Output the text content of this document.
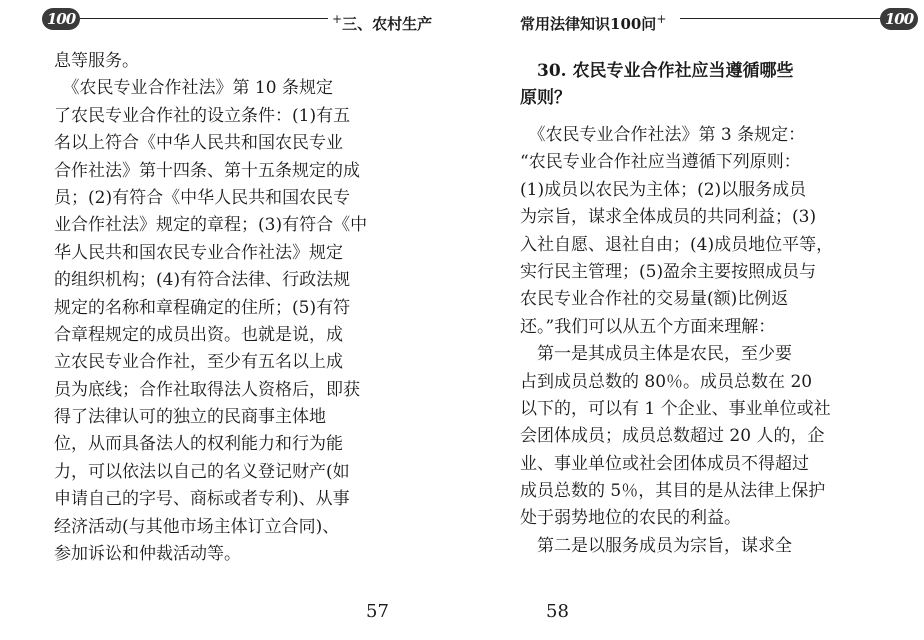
100	+三、农村生产
息等服务。
　《农民专业合作社法》第 10 条规定
了农民专业合作社的设立条件：(1)有五
名以上符合《中华人民共和国农民专业
合作社法》第十四条、第十五条规定的成
员；(2)有符合《中华人民共和国农民专
业合作社法》规定的章程；(3)有符合《中
华人民共和国农民专业合作社法》规定
的组织机构；(4)有符合法律、行政法规
规定的名称和章程确定的住所；(5)有符
合章程规定的成员出资。也就是说，成
立农民专业合作社，至少有五名以上成
员为底线；合作社取得法人资格后，即获
得了法律认可的独立的民商事主体地
位，从而具备法人的权利能力和行为能
力，可以依法以自己的名义登记财产(如
申请自己的字号、商标或者专利)、从事
经济活动(与其他市场主体订立合同)、
参加诉讼和仲裁活动等。
57
常用法律知识100问+	100
　30. 农民专业合作社应当遵循哪些
原则？
　《农民专业合作社法》第 3 条规定：
“农民专业合作社应当遵循下列原则：
(1)成员以农民为主体；(2)以服务成员
为宗旨，谋求全体成员的共同利益；(3)
入社自愿、退社自由；(4)成员地位平等，
实行民主管理；(5)盈余主要按照成员与
农民专业合作社的交易量(额)比例返
还。”我们可以从五个方面来理解：
　第一是其成员主体是农民，至少要
占到成员总数的 80％。成员总数在 20
以下的，可以有 1 个企业、事业单位或社
会团体成员；成员总数超过 20 人的，企
业、事业单位或社会团体成员不得超过
成员总数的 5％，其目的是从法律上保护
处于弱势地位的农民的利益。
　第二是以服务成员为宗旨，谋求全
58
